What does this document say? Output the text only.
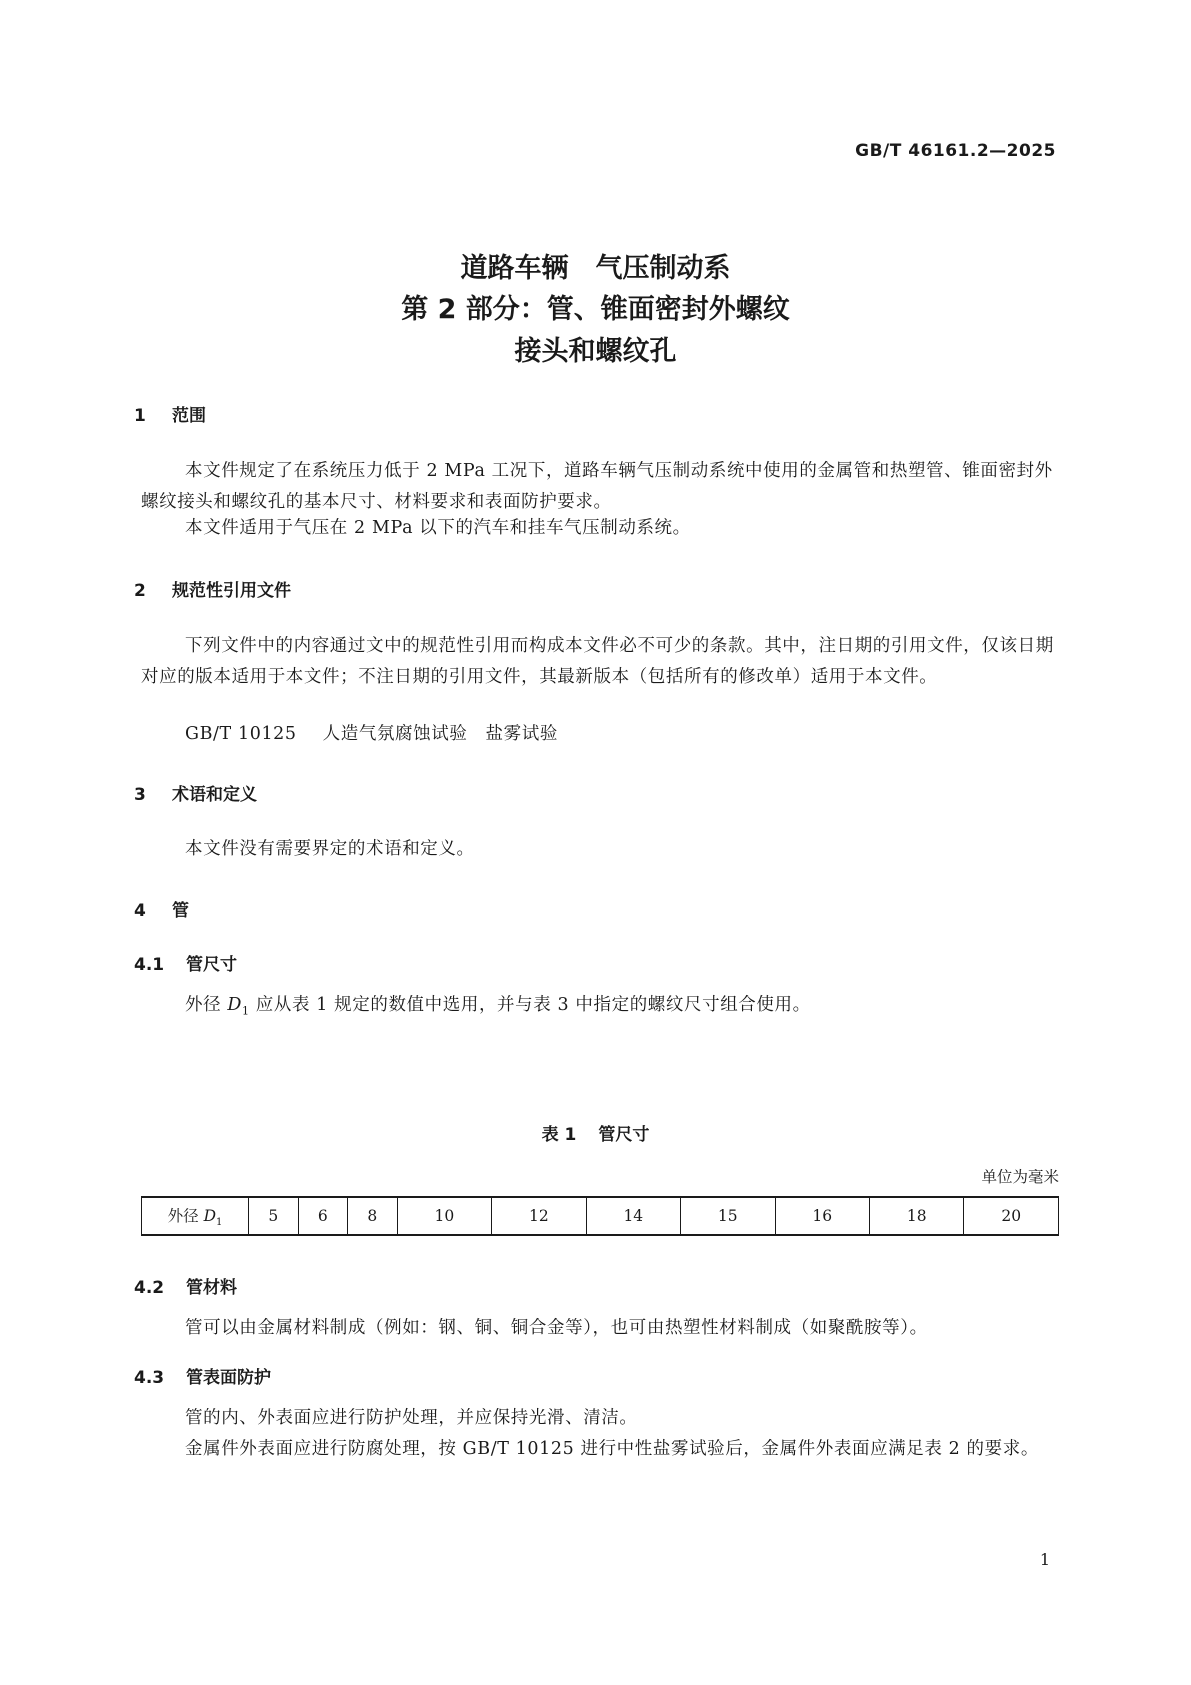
GB/T 46161.2—2025
道路车辆　气压制动系
第 2 部分：管、锥面密封外螺纹
接头和螺纹孔
1 范围
本文件规定了在系统压力低于 2 MPa 工况下，道路车辆气压制动系统中使用的金属管和热塑管、锥面密封外螺纹接头和螺纹孔的基本尺寸、材料要求和表面防护要求。
本文件适用于气压在 2 MPa 以下的汽车和挂车气压制动系统。
2 规范性引用文件
下列文件中的内容通过文中的规范性引用而构成本文件必不可少的条款。其中，注日期的引用文件，仅该日期对应的版本适用于本文件；不注日期的引用文件，其最新版本（包括所有的修改单）适用于本文件。
GB/T 10125 人造气氛腐蚀试验　盐雾试验
3 术语和定义
本文件没有需要界定的术语和定义。
4 管
4.1 管尺寸
外径 $D_1$ 应从表 1 规定的数值中选用，并与表 3 中指定的螺纹尺寸组合使用。
表 1 管尺寸
单位为毫米
外径 $D_1$	5	6	8	10	12	14	15	16	18	20
4.2 管材料
管可以由金属材料制成（例如：钢、铜、铜合金等），也可由热塑性材料制成（如聚酰胺等）。
4.3 管表面防护
管的内、外表面应进行防护处理，并应保持光滑、清洁。
金属件外表面应进行防腐处理，按 GB/T 10125 进行中性盐雾试验后，金属件外表面应满足表 2 的要求。
1
